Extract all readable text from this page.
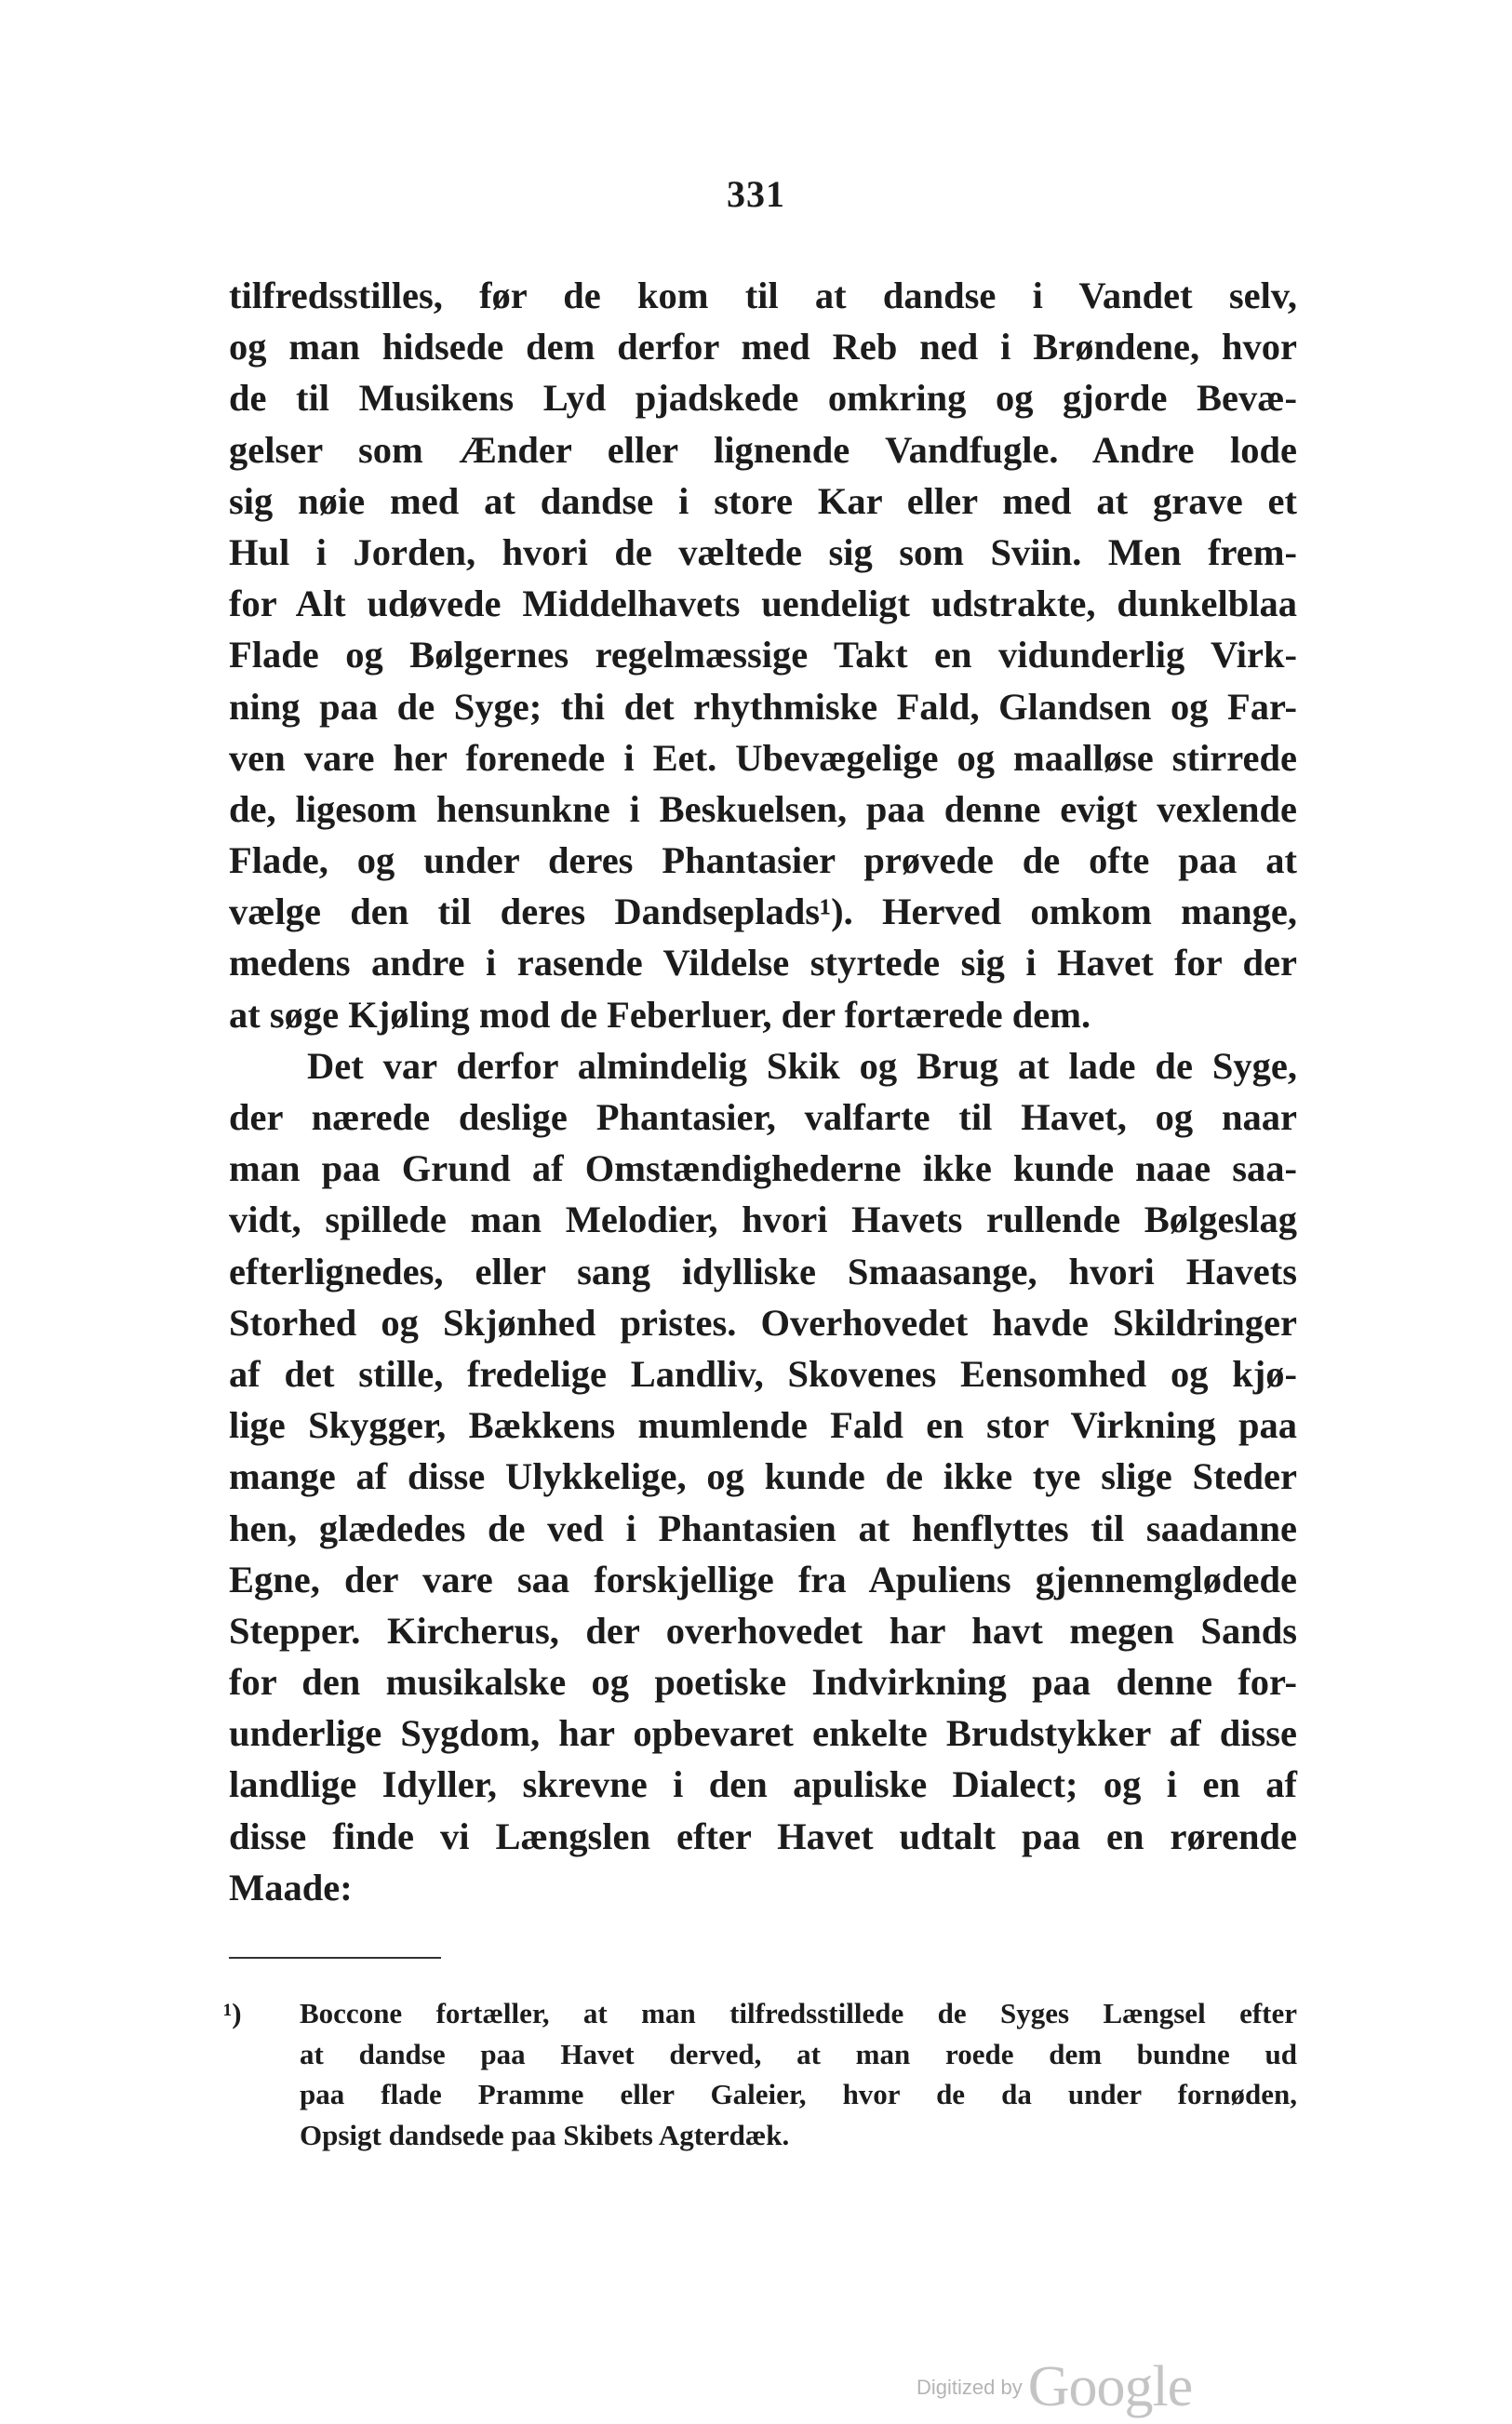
331
tilfredsstilles, før de kom til at dandse i Vandet selv,
og man hidsede dem derfor med Reb ned i Brøndene, hvor
de til Musikens Lyd pjadskede omkring og gjorde Bevæ-
gelser som Ænder eller lignende Vandfugle. Andre lode
sig nøie med at dandse i store Kar eller med at grave et
Hul i Jorden, hvori de væltede sig som Sviin. Men frem-
for Alt udøvede Middelhavets uendeligt udstrakte, dunkelblaa
Flade og Bølgernes regelmæssige Takt en vidunderlig Virk-
ning paa de Syge; thi det rhythmiske Fald, Glandsen og Far-
ven vare her forenede i Eet. Ubevægelige og maalløse stirrede
de, ligesom hensunkne i Beskuelsen, paa denne evigt vexlende
Flade, og under deres Phantasier prøvede de ofte paa at
vælge den til deres Dandseplads¹). Herved omkom mange,
medens andre i rasende Vildelse styrtede sig i Havet for der
at søge Kjøling mod de Feberluer, der fortærede dem.
Det var derfor almindelig Skik og Brug at lade de Syge,
der nærede deslige Phantasier, valfarte til Havet, og naar
man paa Grund af Omstændighederne ikke kunde naae saa-
vidt, spillede man Melodier, hvori Havets rullende Bølgeslag
efterlignedes, eller sang idylliske Smaasange, hvori Havets
Storhed og Skjønhed pristes. Overhovedet havde Skildringer
af det stille, fredelige Landliv, Skovenes Eensomhed og kjø-
lige Skygger, Bækkens mumlende Fald en stor Virkning paa
mange af disse Ulykkelige, og kunde de ikke tye slige Steder
hen, glædedes de ved i Phantasien at henflyttes til saadanne
Egne, der vare saa forskjellige fra Apuliens gjennemglødede
Stepper. Kircherus, der overhovedet har havt megen Sands
for den musikalske og poetiske Indvirkning paa denne for-
underlige Sygdom, har opbevaret enkelte Brudstykker af disse
landlige Idyller, skrevne i den apuliske Dialect; og i en af
disse finde vi Længslen efter Havet udtalt paa en rørende
Maade:
¹) Boccone fortæller, at man tilfredsstillede de Syges Længsel efter
at dandse paa Havet derved, at man roede dem bundne ud
paa flade Pramme eller Galeier, hvor de da under fornøden,
Opsigt dandsede paa Skibets Agterdæk.
Digitized byGoogle
